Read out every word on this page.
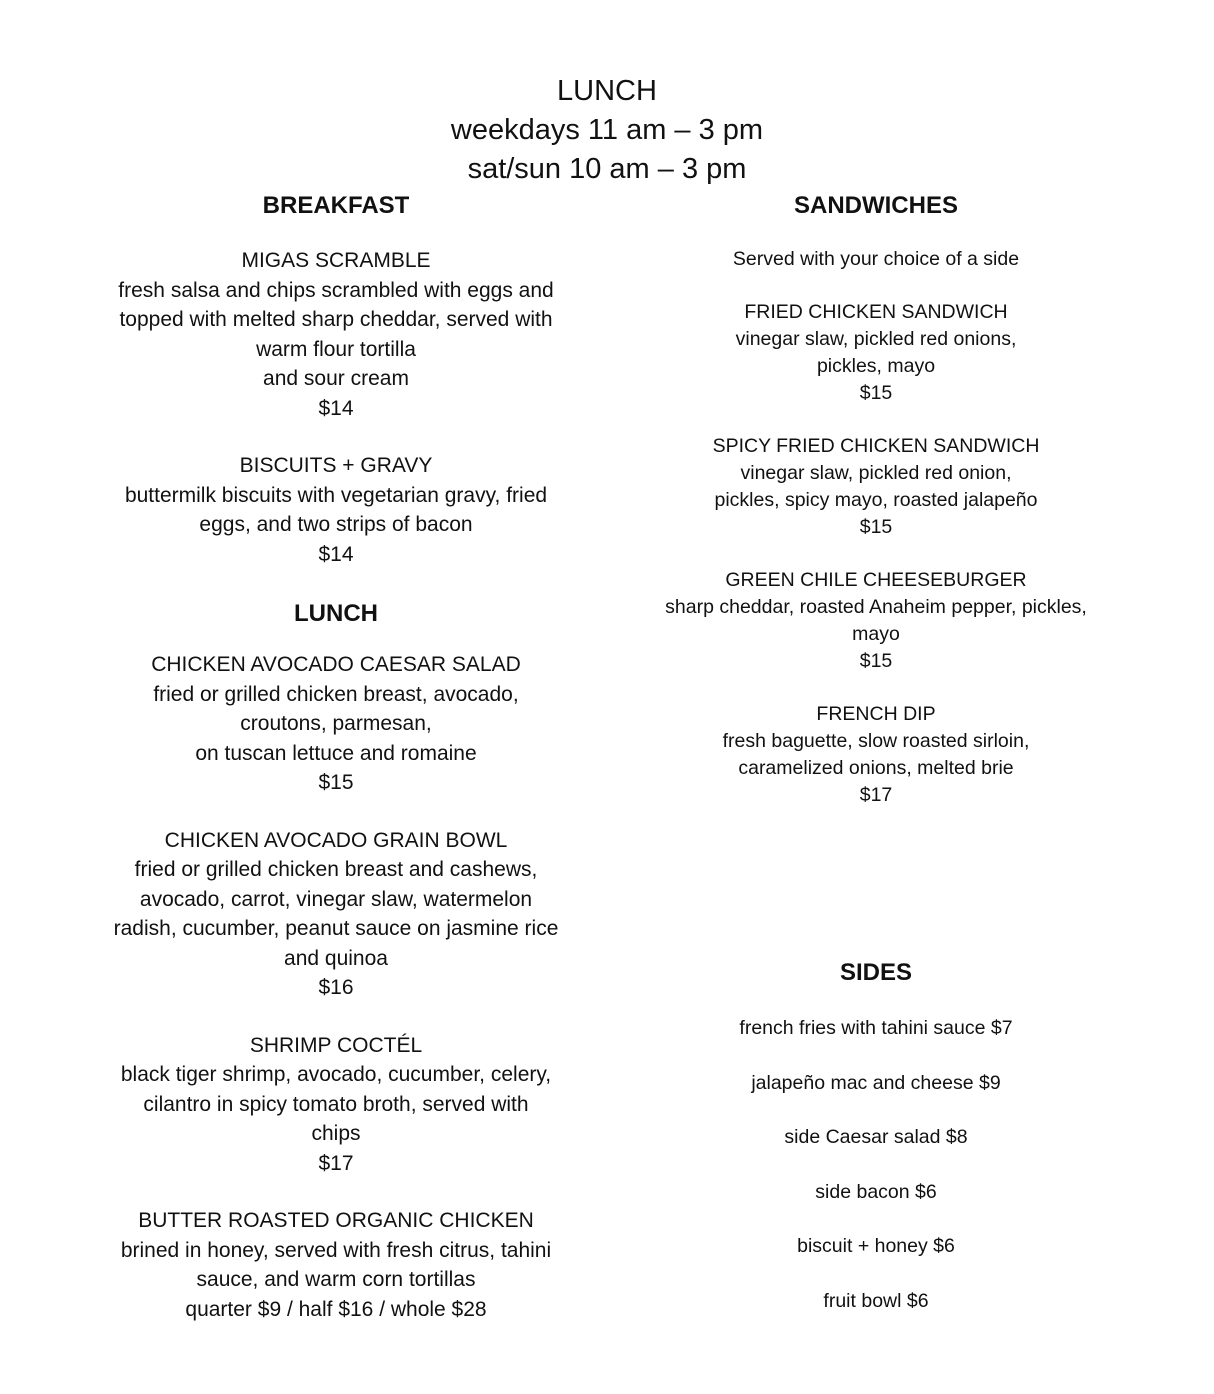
LUNCH
weekdays 11 am – 3 pm
sat/sun 10 am – 3 pm
BREAKFAST
MIGAS SCRAMBLE
fresh salsa and chips scrambled with eggs and
topped with melted sharp cheddar, served with
warm flour tortilla
and sour cream
$14
BISCUITS + GRAVY
buttermilk biscuits with vegetarian gravy, fried
eggs, and two strips of bacon
$14
LUNCH
CHICKEN AVOCADO CAESAR SALAD
fried or grilled chicken breast, avocado,
croutons, parmesan,
on tuscan lettuce and romaine
$15
CHICKEN AVOCADO GRAIN BOWL
fried or grilled chicken breast and cashews,
avocado, carrot, vinegar slaw, watermelon
radish, cucumber, peanut sauce on jasmine rice
and quinoa
$16
SHRIMP COCTÉL
black tiger shrimp, avocado, cucumber, celery,
cilantro in spicy tomato broth, served with
chips
$17
BUTTER ROASTED ORGANIC CHICKEN
brined in honey, served with fresh citrus, tahini
sauce, and warm corn tortillas
quarter $9 / half $16 / whole $28
SANDWICHES
Served with your choice of a side
FRIED CHICKEN SANDWICH
vinegar slaw, pickled red onions,
pickles, mayo
$15
SPICY FRIED CHICKEN SANDWICH
vinegar slaw, pickled red onion,
pickles, spicy mayo, roasted jalapeño
$15
GREEN CHILE CHEESEBURGER
sharp cheddar, roasted Anaheim pepper, pickles,
mayo
$15
FRENCH DIP
fresh baguette, slow roasted sirloin,
caramelized onions, melted brie
$17
SIDES
french fries with tahini sauce $7
jalapeño mac and cheese $9
side Caesar salad $8
side bacon $6
biscuit + honey $6
fruit bowl $6
